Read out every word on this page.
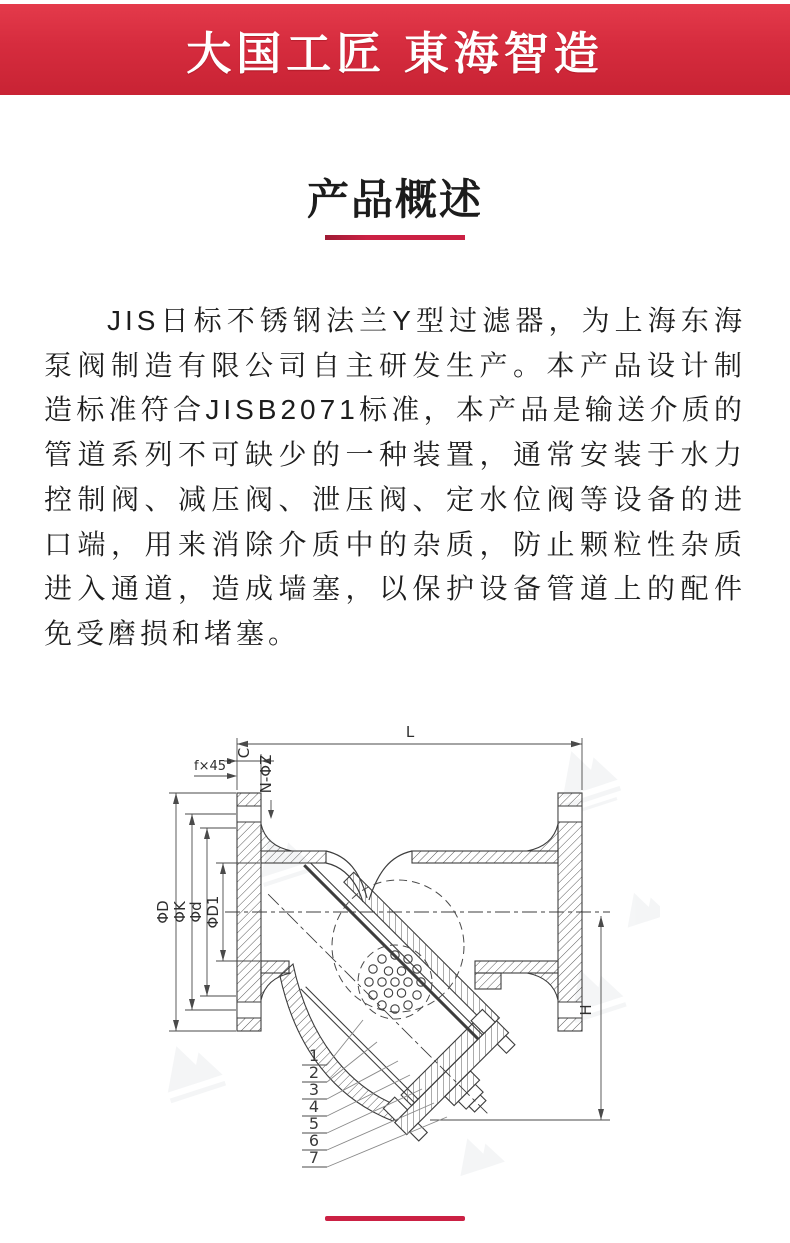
大国工匠 東海智造
产品概述
JIS日标不锈钢法兰Y型过滤器，为上海东海泵阀制造有限公司自主研发生产。本产品设计制造标准符合JISB2071标准，本产品是输送介质的管道系列不可缺少的一种装置，通常安装于水力控制阀、减压阀、泄压阀、定水位阀等设备的进口端，用来消除介质中的杂质，防止颗粒性杂质进入通道，造成墙塞，以保护设备管道上的配件免受磨损和堵塞。
L
C
f×45° N-ΦZ
ΦD ΦK
Φd ΦD1
H
1
2
3
4
5
6
7
